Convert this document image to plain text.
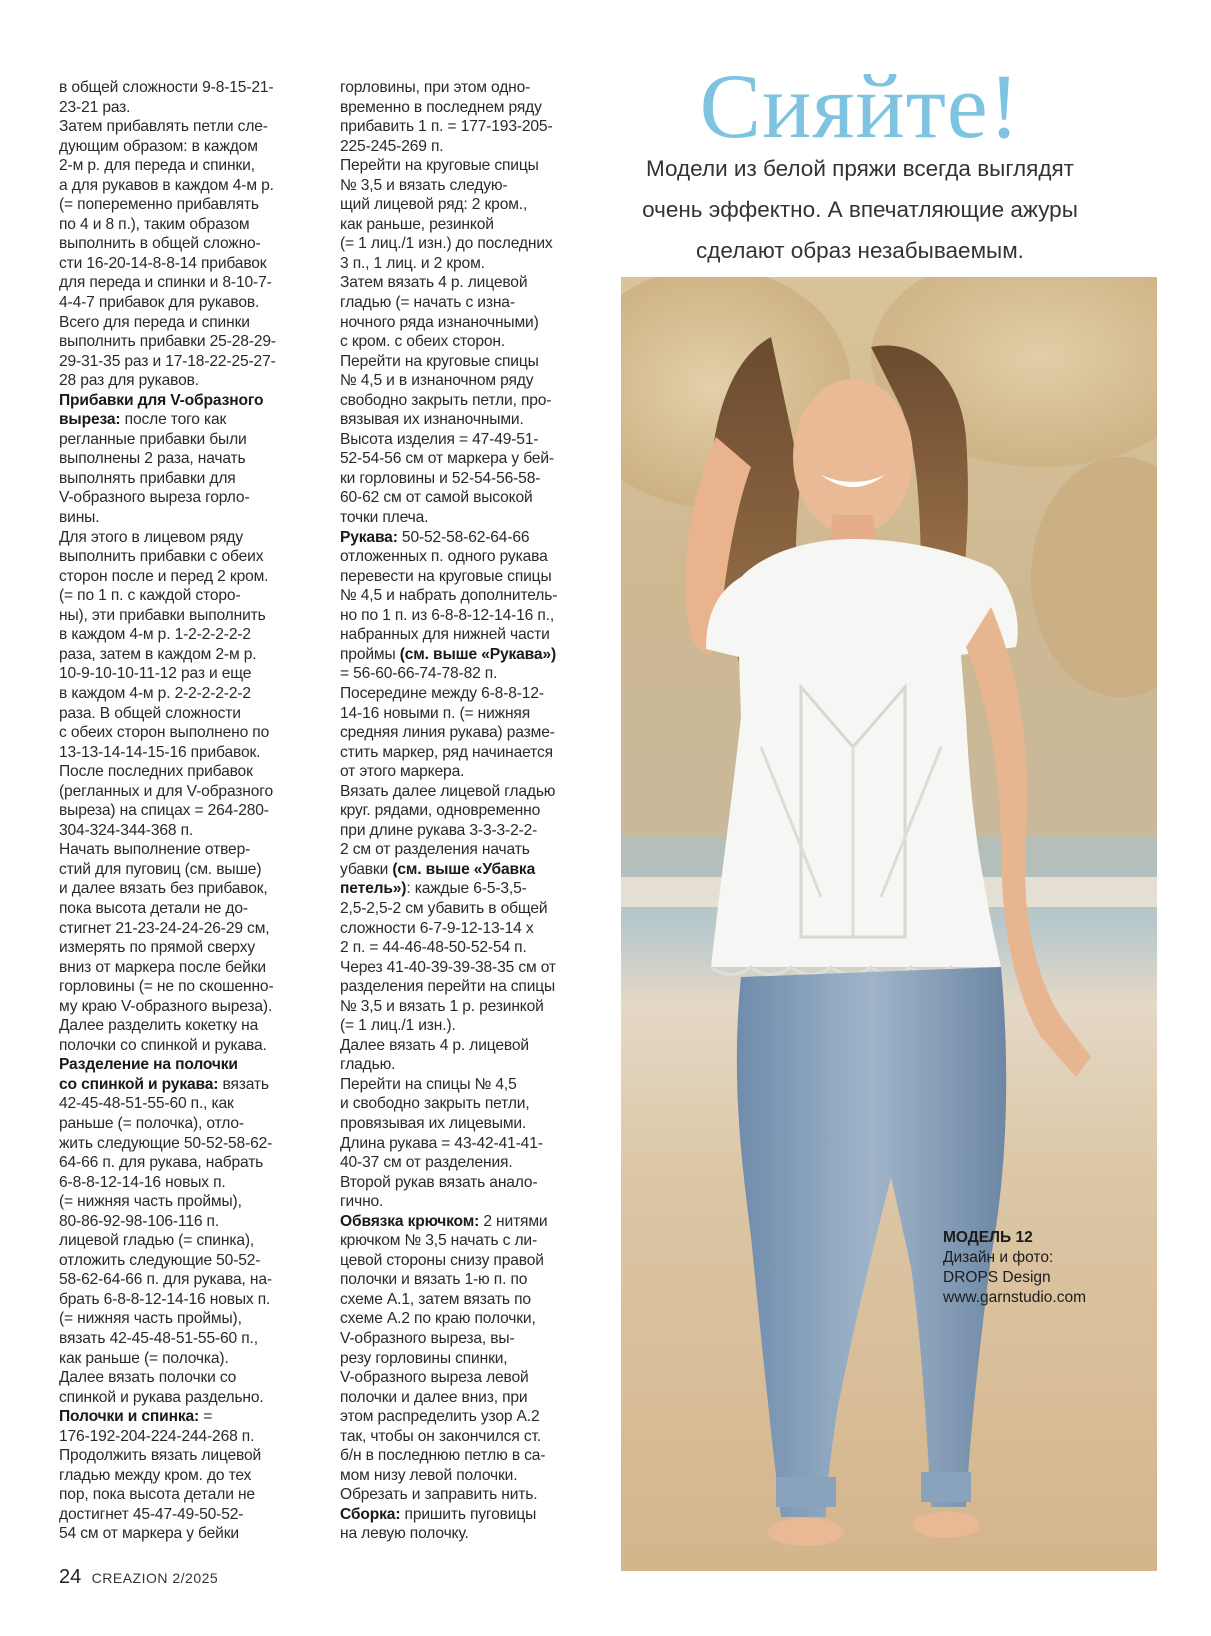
в общей сложности 9-8-15-21-
23-21 раз.
Затем прибавлять петли сле-
дующим образом: в каждом
2-м р. для переда и спинки,
а для рукавов в каждом 4-м р.
(= попеременно прибавлять
по 4 и 8 п.), таким образом
выполнить в общей сложно-
сти 16-20-14-8-8-14 прибавок
для переда и спинки и 8-10-7-
4-4-7 прибавок для рукавов.
Всего для переда и спинки
выполнить прибавки 25-28-29-
29-31-35 раз и 17-18-22-25-27-
28 раз для рукавов.
Прибавки для V-образного
выреза: после того как
регланные прибавки были
выполнены 2 раза, начать
выполнять прибавки для
V-образного выреза горло-
вины.
Для этого в лицевом ряду
выполнить прибавки с обеих
сторон после и перед 2 кром.
(= по 1 п. с каждой сторо-
ны), эти прибавки выполнить
в каждом 4-м р. 1-2-2-2-2-2
раза, затем в каждом 2-м р.
10-9-10-10-11-12 раз и еще
в каждом 4-м р. 2-2-2-2-2-2
раза. В общей сложности
с обеих сторон выполнено по
13-13-14-14-15-16 прибавок.
После последних прибавок
(регланных и для V-образного
выреза) на спицах = 264-280-
304-324-344-368 п.
Начать выполнение отвер-
стий для пуговиц (см. выше)
и далее вязать без прибавок,
пока высота детали не до-
стигнет 21-23-24-24-26-29 см,
измерять по прямой сверху
вниз от маркера после бейки
горловины (= не по скошенно-
му краю V-образного выреза).
Далее разделить кокетку на
полочки со спинкой и рукава.
Разделение на полочки
со спинкой и рукава: вязать
42-45-48-51-55-60 п., как
раньше (= полочка), отло-
жить следующие 50-52-58-62-
64-66 п. для рукава, набрать
6-8-8-12-14-16 новых п.
(= нижняя часть проймы),
80-86-92-98-106-116 п.
лицевой гладью (= спинка),
отложить следующие 50-52-
58-62-64-66 п. для рукава, на-
брать 6-8-8-12-14-16 новых п.
(= нижняя часть проймы),
вязать 42-45-48-51-55-60 п.,
как раньше (= полочка).
Далее вязать полочки со
спинкой и рукава раздельно.
Полочки и спинка: =
176-192-204-224-244-268 п.
Продолжить вязать лицевой
гладью между кром. до тех
пор, пока высота детали не
достигнет 45-47-49-50-52-
54 см от маркера у бейки
горловины, при этом одно-
временно в последнем ряду
прибавить 1 п. = 177-193-205-
225-245-269 п.
Перейти на круговые спицы
№ 3,5 и вязать следую-
щий лицевой ряд: 2 кром.,
как раньше, резинкой
(= 1 лиц./1 изн.) до последних
3 п., 1 лиц. и 2 кром.
Затем вязать 4 р. лицевой
гладью (= начать с изна-
ночного ряда изнаночными)
с кром. с обеих сторон.
Перейти на круговые спицы
№ 4,5 и в изнаночном ряду
свободно закрыть петли, про-
вязывая их изнаночными.
Высота изделия = 47-49-51-
52-54-56 см от маркера у бей-
ки горловины и 52-54-56-58-
60-62 см от самой высокой
точки плеча.
Рукава: 50-52-58-62-64-66
отложенных п. одного рукава
перевести на круговые спицы
№ 4,5 и набрать дополнитель-
но по 1 п. из 6-8-8-12-14-16 п.,
набранных для нижней части
проймы (см. выше «Рукава»)
= 56-60-66-74-78-82 п.
Посередине между 6-8-8-12-
14-16 новыми п. (= нижняя
средняя линия рукава) разме-
стить маркер, ряд начинается
от этого маркера.
Вязать далее лицевой гладью
круг. рядами, одновременно
при длине рукава 3-3-3-2-2-
2 см от разделения начать
убавки (см. выше «Убавка
петель»): каждые 6-5-3,5-
2,5-2,5-2 см убавить в общей
сложности 6-7-9-12-13-14 х
2 п. = 44-46-48-50-52-54 п.
Через 41-40-39-39-38-35 см от
разделения перейти на спицы
№ 3,5 и вязать 1 р. резинкой
(= 1 лиц./1 изн.).
Далее вязать 4 р. лицевой
гладью.
Перейти на спицы № 4,5
и свободно закрыть петли,
провязывая их лицевыми.
Длина рукава = 43-42-41-41-
40-37 см от разделения.
Второй рукав вязать анало-
гично.
Обвязка крючком: 2 нитями
крючком № 3,5 начать с ли-
цевой стороны снизу правой
полочки и вязать 1-ю п. по
схеме А.1, затем вязать по
схеме А.2 по краю полочки,
V-образного выреза, вы-
резу горловины спинки,
V-образного выреза левой
полочки и далее вниз, при
этом распределить узор А.2
так, чтобы он закончился ст.
б/н в последнюю петлю в са-
мом низу левой полочки.
Обрезать и заправить нить.
Сборка: пришить пуговицы
на левую полочку.
Сияйте!
Модели из белой пряжи всегда выглядят
очень эффектно. А впечатляющие ажуры
сделают образ незабываемым.
МОДЕЛЬ 12
Дизайн и фото:
DROPS Design
www.garnstudio.com
24 CREAZION 2/2025
